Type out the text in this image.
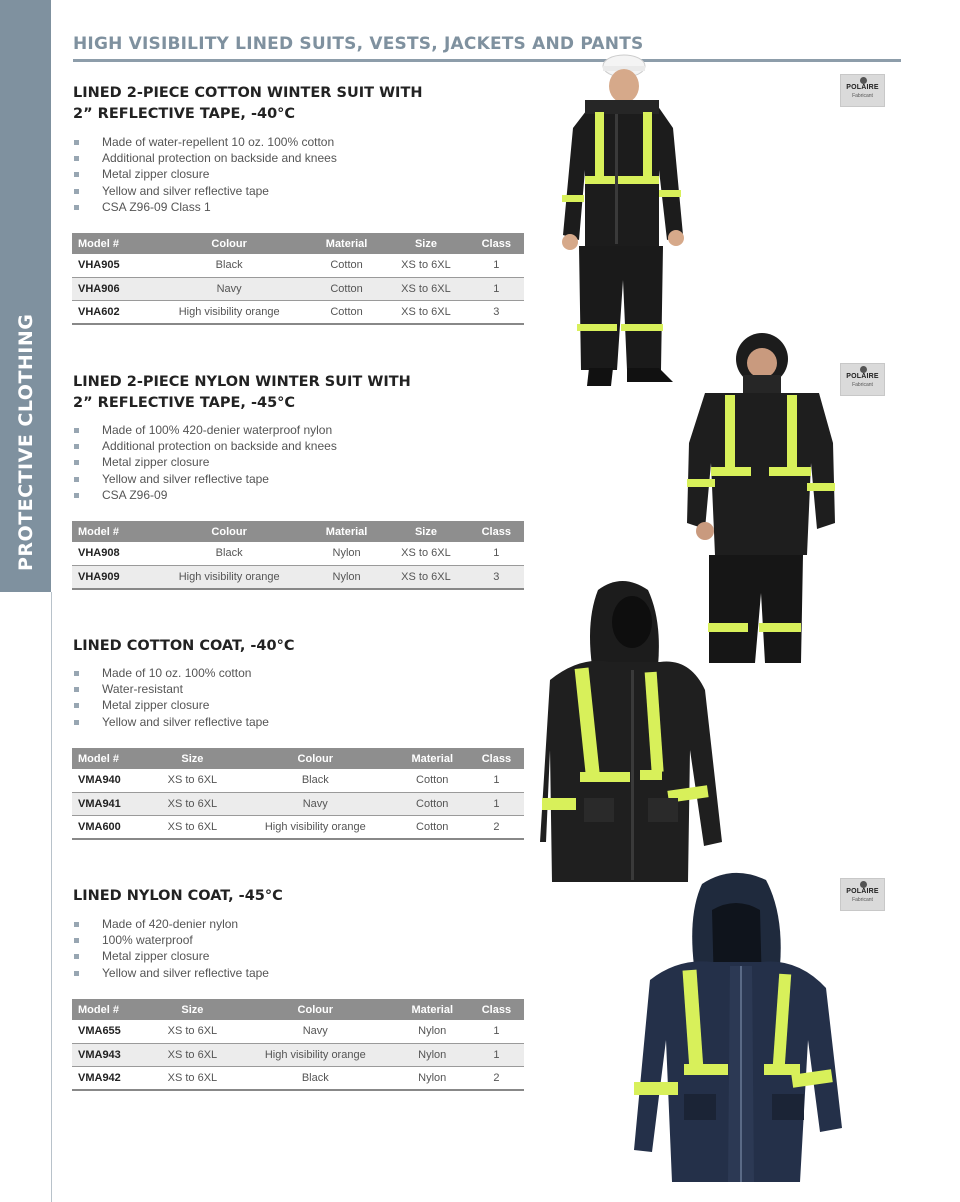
PROTECTIVE CLOTHING
HIGH VISIBILITY LINED SUITS, VESTS, JACKETS AND PANTS
LINED 2-PIECE COTTON WINTER SUIT WITH
2” REFLECTIVE TAPE, -40°C
Made of water-repellent 10 oz. 100% cotton
Additional protection on backside and knees
Metal zipper closure
Yellow and silver reflective tape
CSA Z96-09 Class 1
Model #	Colour	Material	Size	Class
VHA905	Black	Cotton	XS to 6XL	1
VHA906	Navy	Cotton	XS to 6XL	1
VHA602	High visibility orange	Cotton	XS to 6XL	3
LINED 2-PIECE NYLON WINTER SUIT WITH
2” REFLECTIVE TAPE, -45°C
Made of 100% 420-denier waterproof nylon
Additional protection on backside and knees
Metal zipper closure
Yellow and silver reflective tape
CSA Z96-09
Model #	Colour	Material	Size	Class
VHA908	Black	Nylon	XS to 6XL	1
VHA909	High visibility orange	Nylon	XS to 6XL	3
LINED COTTON COAT, -40°C
Made of 10 oz. 100% cotton
Water-resistant
Metal zipper closure
Yellow and silver reflective tape
Model #	Size	Colour	Material	Class
VMA940	XS to 6XL	Black	Cotton	1
VMA941	XS to 6XL	Navy	Cotton	1
VMA600	XS to 6XL	High visibility orange	Cotton	2
LINED NYLON COAT, -45°C
Made of 420-denier nylon
100% waterproof
Metal zipper closure
Yellow and silver reflective tape
Model #	Size	Colour	Material	Class
VMA655	XS to 6XL	Navy	Nylon	1
VMA943	XS to 6XL	High visibility orange	Nylon	1
VMA942	XS to 6XL	Black	Nylon	2
POLAIRE
Fabricant
POLAIRE
Fabricant
POLAIRE
Fabricant
